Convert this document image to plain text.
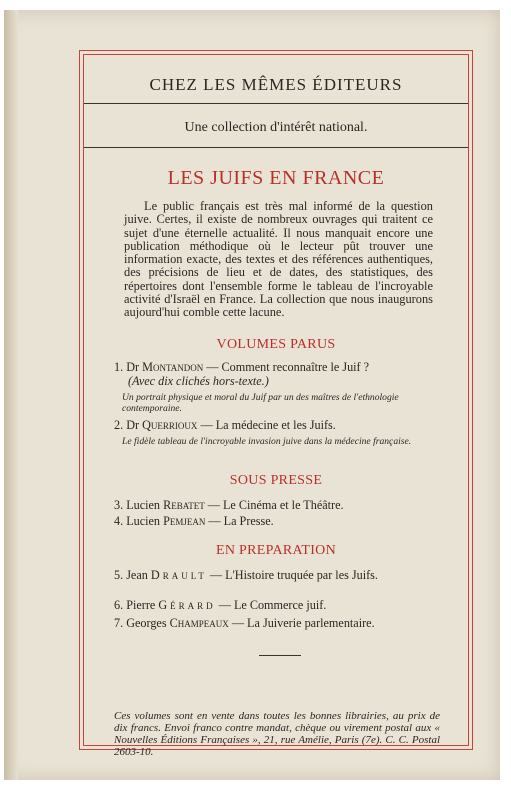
CHEZ LES MÊMES ÉDITEURS
Une collection d'intérêt national.
LES JUIFS EN FRANCE
Le public français est très mal informé de la question juive. Certes, il existe de nombreux ouvrages qui traitent ce sujet d'une éternelle actualité. Il nous manquait encore une publication méthodique où le lecteur pût trouver une information exacte, des textes et des références authentiques, des précisions de lieu et de dates, des statistiques, des répertoires dont l'ensemble forme le tableau de l'incroyable activité d'Israël en France. La collection que nous inaugurons aujourd'hui comble cette lacune.
VOLUMES PARUS
1. Dr Montandon — Comment reconnaître le Juif ?
(Avec dix clichés hors-texte.)
Un portrait physique et moral du Juif par un des maîtres de l'ethnologie contemporaine.
2. Dr Querrioux — La médecine et les Juifs.
Le fidèle tableau de l'incroyable invasion juive dans la médecine française.
SOUS PRESSE
3. Lucien Rebatet — Le Cinéma et le Théâtre.
4. Lucien Pemjean — La Presse.
EN PREPARATION
5. Jean Drault — L'Histoire truquée par les Juifs.
6. Pierre Gérard — Le Commerce juif.
7. Georges Champeaux — La Juiverie parlementaire.
Ces volumes sont en vente dans toutes les bonnes librairies, au prix de dix francs. Envoi franco contre mandat, chèque ou virement postal aux « Nouvelles Éditions Françaises », 21, rue Amélie, Paris (7e). C. C. Postal 2603-10.
